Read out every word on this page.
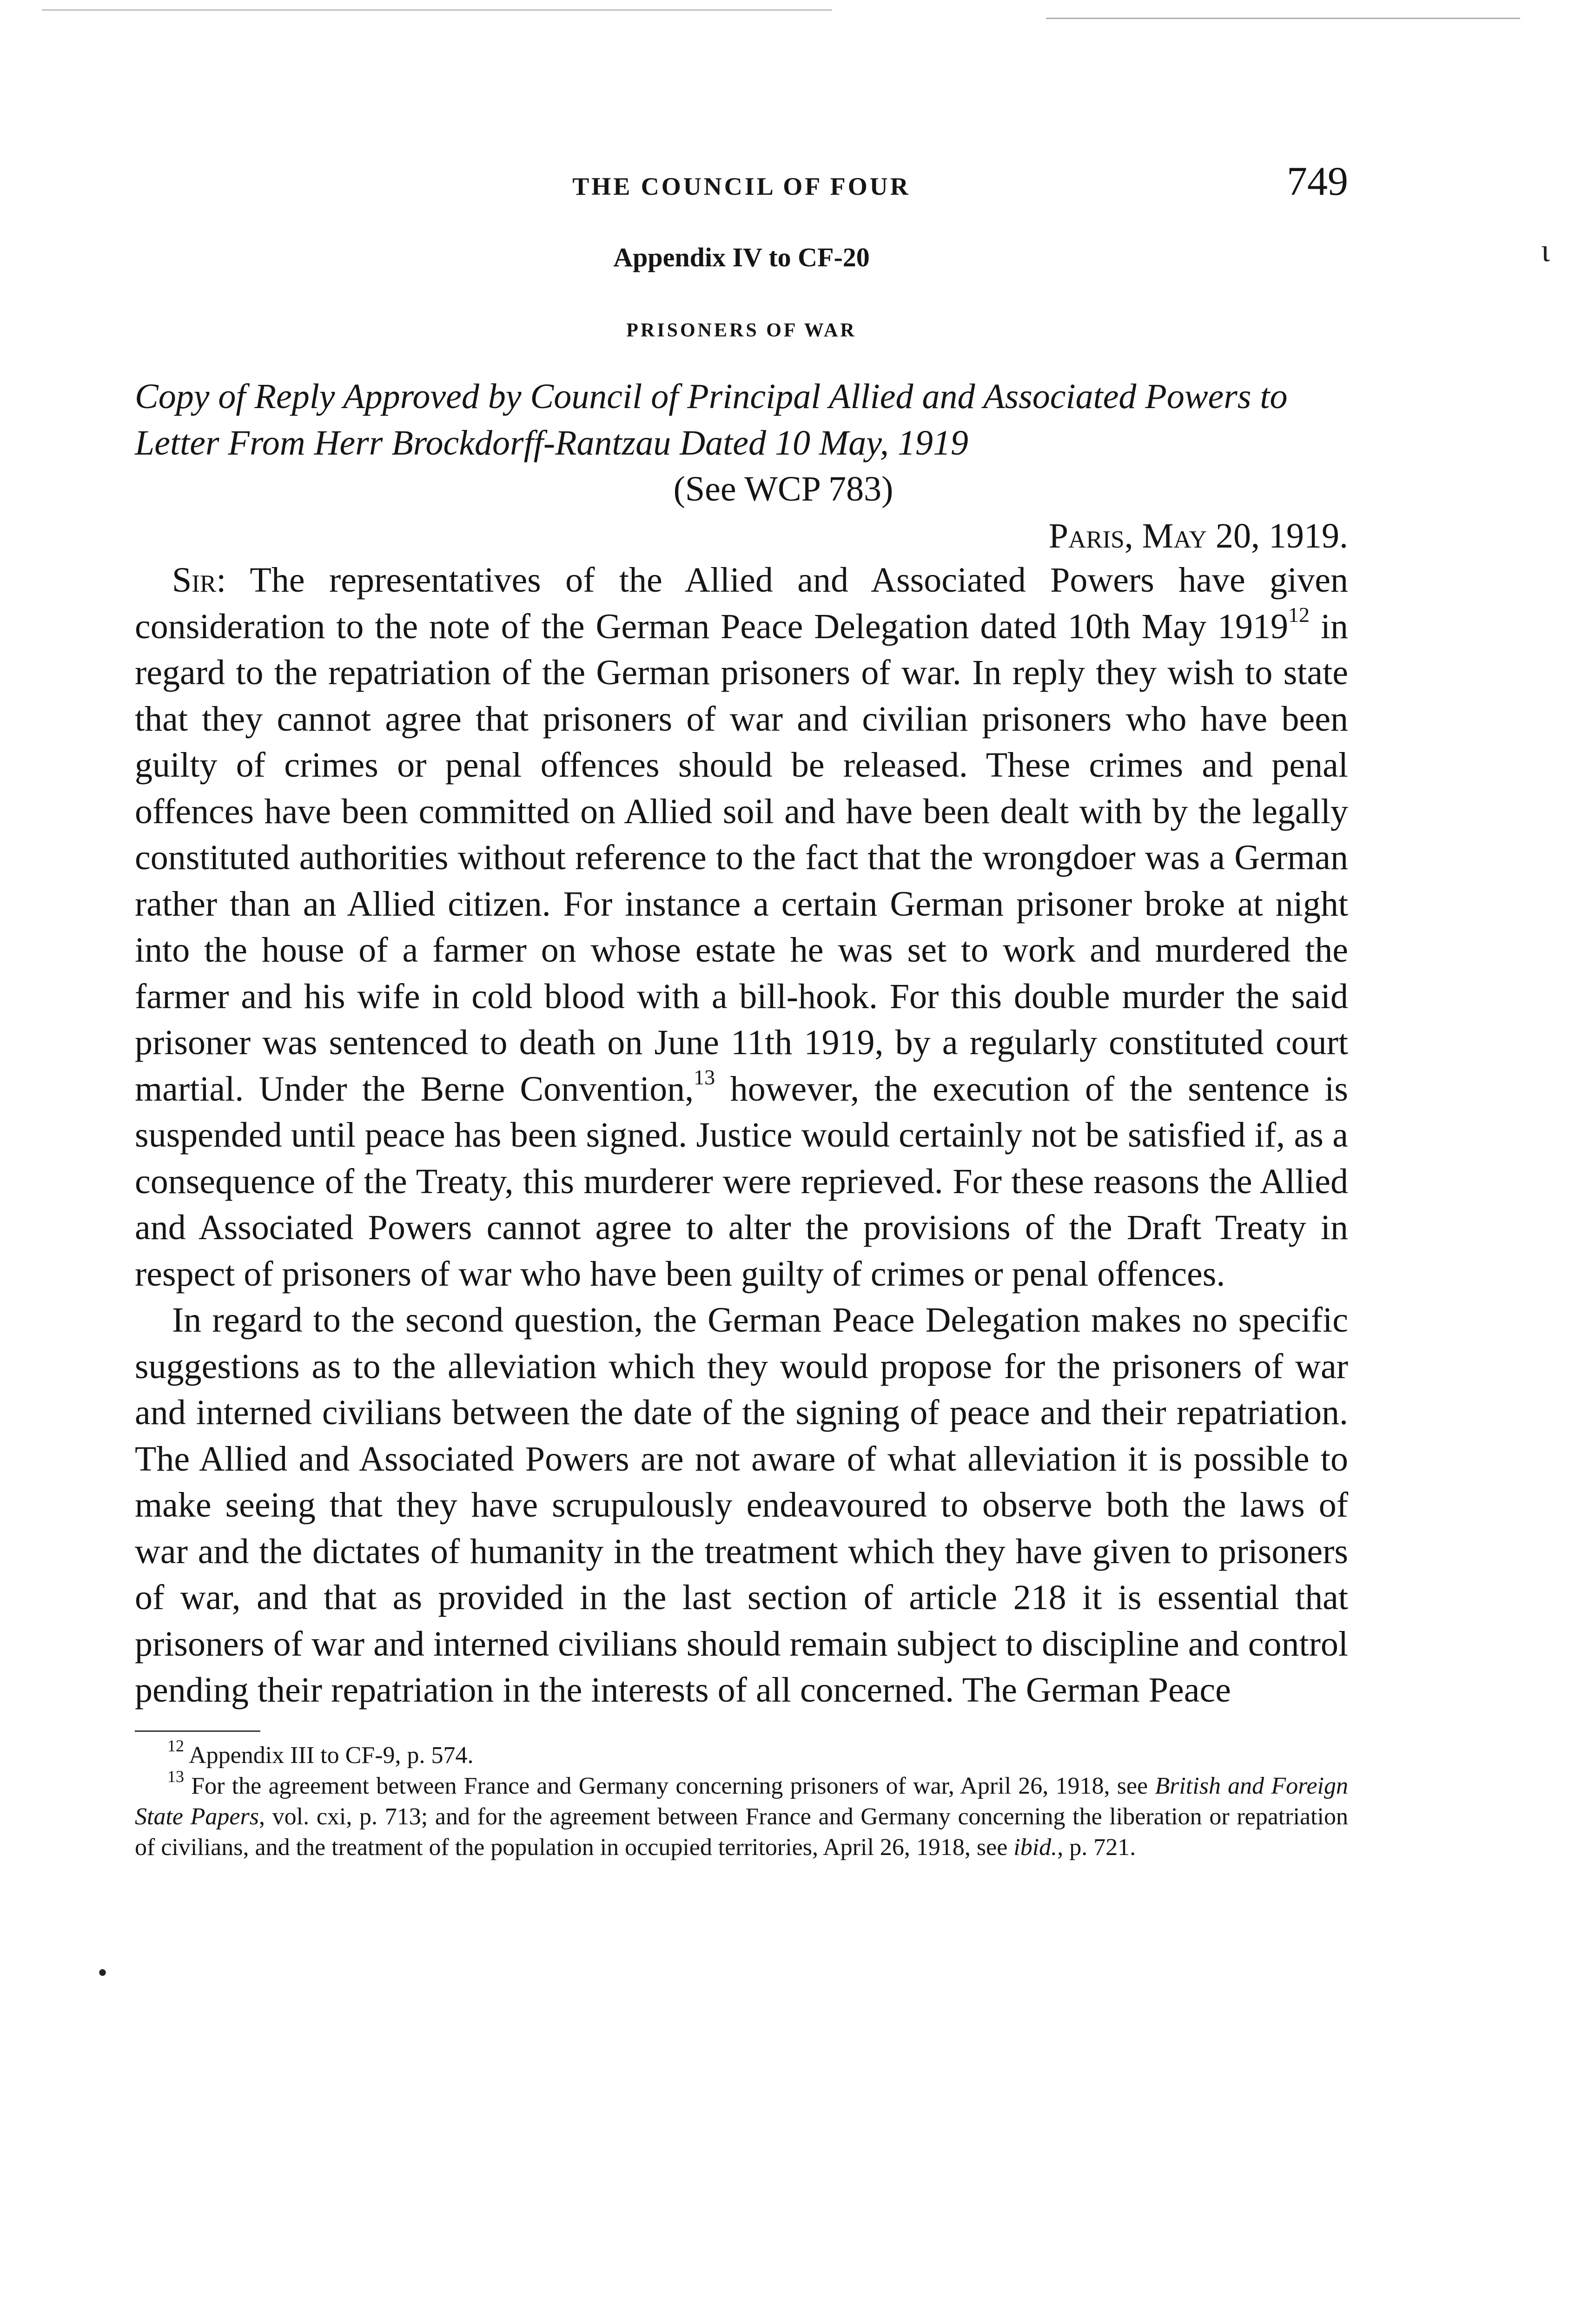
ι
•
THE COUNCIL OF FOUR	749
Appendix IV to CF-20
PRISONERS OF WAR
Copy of Reply Approved by Council of Principal Allied and Associated Powers to Letter From Herr Brockdorff-Rantzau Dated 10 May, 1919
(See WCP 783)
Paris, May 20, 1919.

Sir: The representatives of the Allied and Associated Powers have given consideration to the note of the German Peace Delegation dated 10th May 1919$^{12}$ in regard to the repatriation of the German prisoners of war. In reply they wish to state that they cannot agree that prisoners of war and civilian prisoners who have been guilty of crimes or penal offences should be released. These crimes and penal offences have been committed on Allied soil and have been dealt with by the legally constituted authorities without reference to the fact that the wrongdoer was a German rather than an Allied citizen. For instance a certain German prisoner broke at night into the house of a farmer on whose estate he was set to work and murdered the farmer and his wife in cold blood with a bill-hook. For this double murder the said prisoner was sentenced to death on June 11th 1919, by a regularly constituted court martial. Under the Berne Convention,$^{13}$ however, the execution of the sentence is suspended until peace has been signed. Justice would certainly not be satisfied if, as a consequence of the Treaty, this murderer were reprieved. For these reasons the Allied and Associated Powers cannot agree to alter the provisions of the Draft Treaty in respect of prisoners of war who have been guilty of crimes or penal offences.

In regard to the second question, the German Peace Delegation makes no specific suggestions as to the alleviation which they would propose for the prisoners of war and interned civilians between the date of the signing of peace and their repatriation. The Allied and Associated Powers are not aware of what alleviation it is possible to make seeing that they have scrupulously endeavoured to observe both the laws of war and the dictates of humanity in the treatment which they have given to prisoners of war, and that as provided in the last section of article 218 it is essential that prisoners of war and interned civilians should remain subject to discipline and control pending their repatriation in the interests of all concerned. The German Peace

$^{12}$ Appendix III to CF-9, p. 574.

$^{13}$ For the agreement between France and Germany concerning prisoners of war, April 26, 1918, see British and Foreign State Papers, vol. cxi, p. 713; and for the agreement between France and Germany concerning the liberation or repatriation of civilians, and the treatment of the population in occupied territories, April 26, 1918, see ibid., p. 721.
